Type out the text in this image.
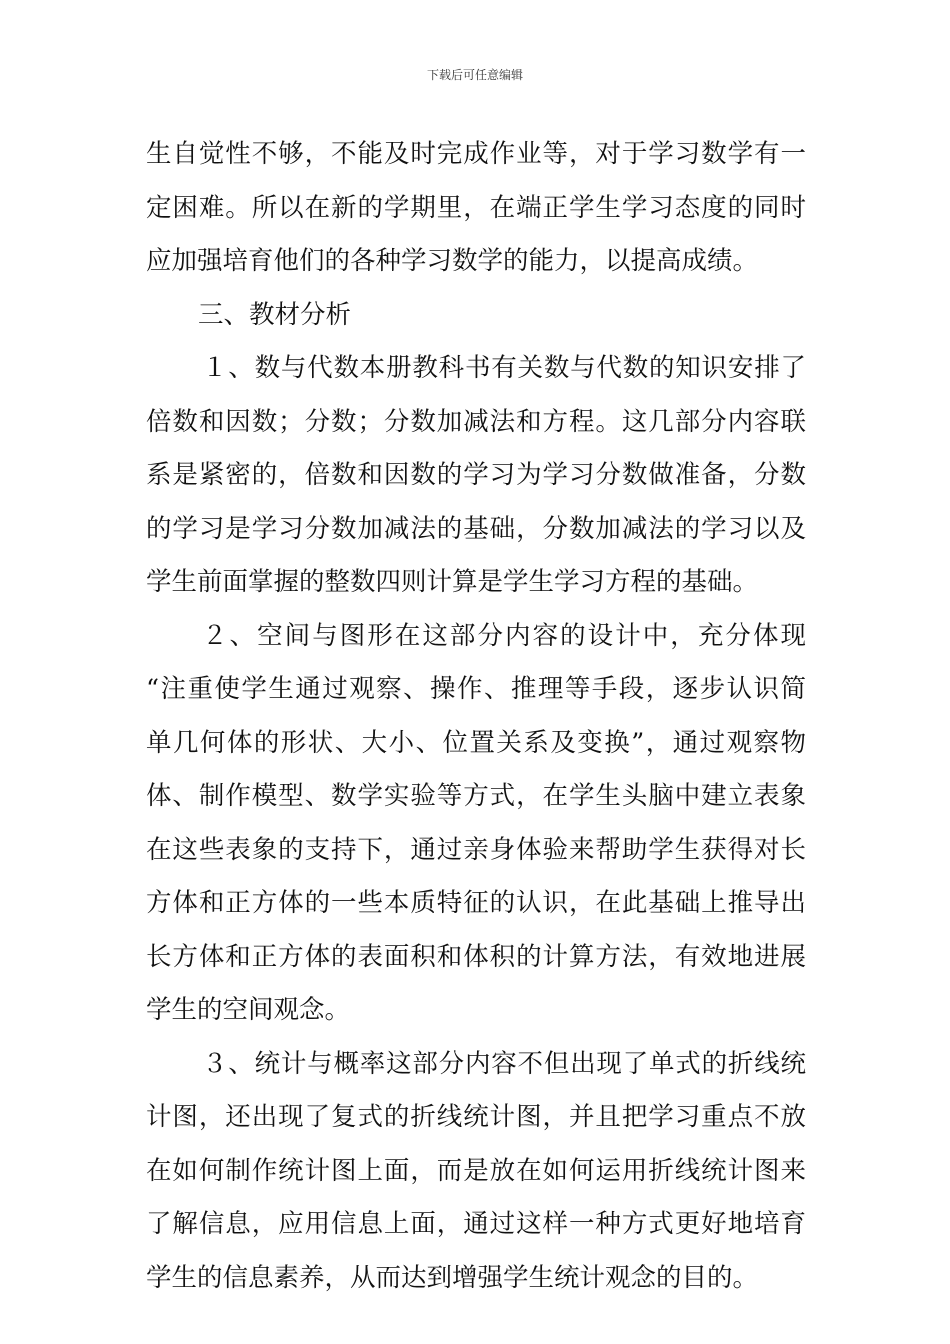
下载后可任意编辑
生自觉性不够，不能及时完成作业等，对于学习数学有一
定困难。所以在新的学期里，在端正学生学习态度的同时
应加强培育他们的各种学习数学的能力，以提高成绩。
三、教材分析
１、数与代数本册教科书有关数与代数的知识安排了
倍数和因数；分数；分数加减法和方程。这几部分内容联
系是紧密的，倍数和因数的学习为学习分数做准备，分数
的学习是学习分数加减法的基础，分数加减法的学习以及
学生前面掌握的整数四则计算是学生学习方程的基础。
２、空间与图形在这部分内容的设计中，充分体现
“注重使学生通过观察、操作、推理等手段，逐步认识简
单几何体的形状、大小、位置关系及变换”，通过观察物
体、制作模型、数学实验等方式，在学生头脑中建立表象
在这些表象的支持下，通过亲身体验来帮助学生获得对长
方体和正方体的一些本质特征的认识，在此基础上推导出
长方体和正方体的表面积和体积的计算方法，有效地进展
学生的空间观念。
３、统计与概率这部分内容不但出现了单式的折线统
计图，还出现了复式的折线统计图，并且把学习重点不放
在如何制作统计图上面，而是放在如何运用折线统计图来
了解信息，应用信息上面，通过这样一种方式更好地培育
学生的信息素养，从而达到增强学生统计观念的目的。
